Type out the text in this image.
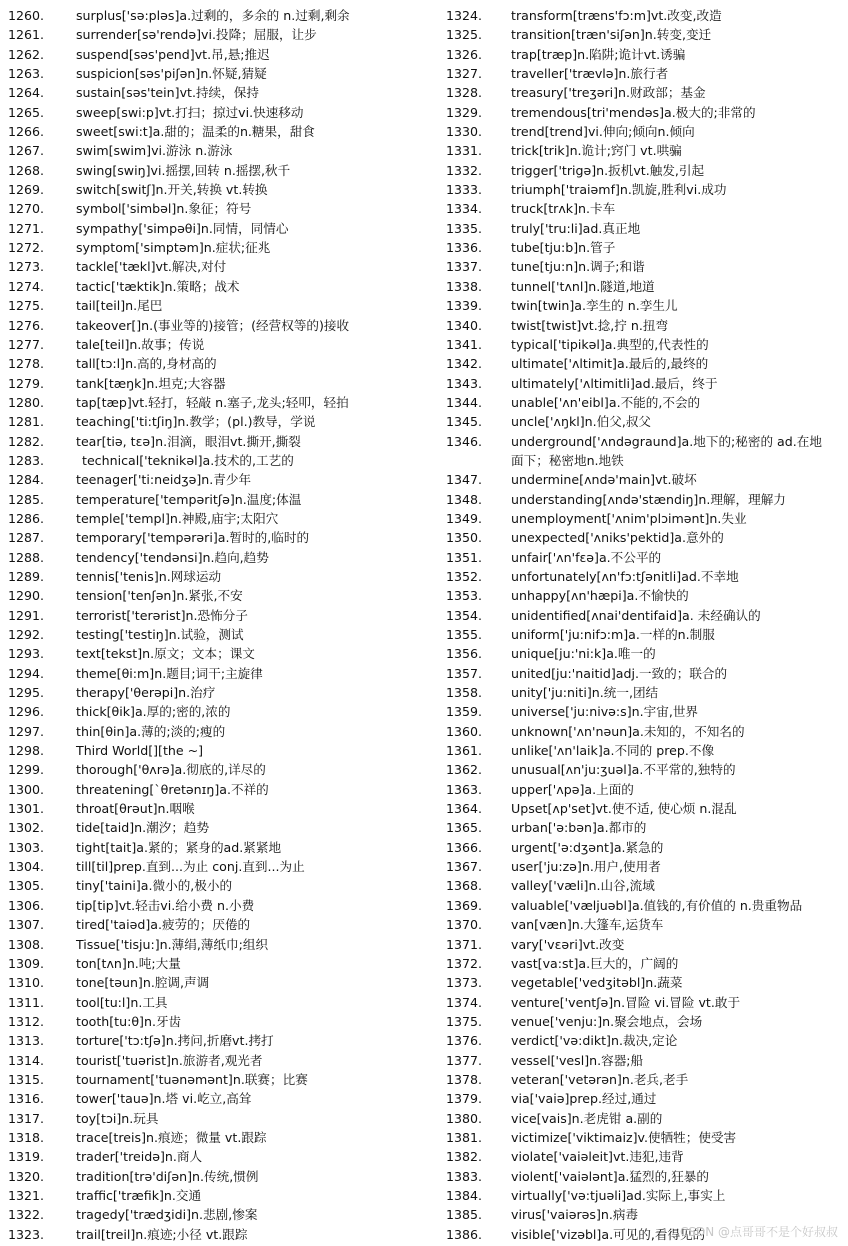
1260.	surplus['sə:pləs]a.过剩的，多余的 n.过剩,剩余
1261.	surrender[sə'rendə]vi.投降；屈服，让步
1262.	suspend[səs'pend]vt.吊,悬;推迟
1263.	suspicion[səs'piʃən]n.怀疑,猜疑
1264.	sustain[səs'tein]vt.持续，保持
1265.	sweep[swi:p]vt.打扫；掠过vi.快速移动
1266.	sweet[swi:t]a.甜的；温柔的n.糖果，甜食
1267.	swim[swim]vi.游泳 n.游泳
1268.	swing[swiŋ]vi.摇摆,回转 n.摇摆,秋千
1269.	switch[switʃ]n.开关,转换 vt.转换
1270.	symbol['simbəl]n.象征；符号
1271.	sympathy['simpəθi]n.同情，同情心
1272.	symptom['simptəm]n.症状;征兆
1273.	tackle['tækl]vt.解决,对付
1274.	tactic['tæktik]n.策略；战术
1275.	tail[teil]n.尾巴
1276.	takeover[]n.(事业等的)接管；(经营权等的)接收
1277.	tale[teil]n.故事；传说
1278.	tall[tɔ:l]n.高的,身材高的
1279.	tank[tæŋk]n.坦克;大容器
1280.	tap[tæp]vt.轻打，轻敲 n.塞子,龙头;轻叩，轻拍
1281.	teaching['ti:tʃiŋ]n.教学；(pl.)教导，学说
1282.	tear[tiə, tεə]n.泪滴，眼泪vt.撕开,撕裂
1283.	technical['teknikəl]a.技术的,工艺的
1284.	teenager['ti:neidʒə]n.青少年
1285.	temperature['tempəritʃə]n.温度;体温
1286.	temple['templ]n.神殿,庙宇;太阳穴
1287.	temporary['tempərəri]a.暂时的,临时的
1288.	tendency['tendənsi]n.趋向,趋势
1289.	tennis['tenis]n.网球运动
1290.	tension['tenʃən]n.紧张,不安
1291.	terrorist['terərist]n.恐怖分子
1292.	testing['testiŋ]n.试验，测试
1293.	text[tekst]n.原文；文本；课文
1294.	theme[θi:m]n.题目;词干;主旋律
1295.	therapy['θerəpi]n.治疗
1296.	thick[θik]a.厚的;密的,浓的
1297.	thin[θin]a.薄的;淡的;瘦的
1298.	Third World[][the ~]
1299.	thorough['θʌrə]a.彻底的,详尽的
1300.	threatening[`θretənɪŋ]a.不祥的
1301.	throat[θrəut]n.咽喉
1302.	tide[taid]n.潮汐；趋势
1303.	tight[tait]a.紧的；紧身的ad.紧紧地
1304.	till[til]prep.直到...为止 conj.直到...为止
1305.	tiny['taini]a.微小的,极小的
1306.	tip[tip]vt.轻击vi.给小费 n.小费
1307.	tired['taiəd]a.疲劳的；厌倦的
1308.	Tissue['tisju:]n.薄绢,薄纸巾;组织
1309.	ton[tʌn]n.吨;大量
1310.	tone[təun]n.腔调,声调
1311.	tool[tu:l]n.工具
1312.	tooth[tu:θ]n.牙齿
1313.	torture['tɔ:tʃə]n.拷问,折磨vt.拷打
1314.	tourist['tuərist]n.旅游者,观光者
1315.	tournament['tuənəmənt]n.联赛；比赛
1316.	tower['tauə]n.塔 vi.屹立,高耸
1317.	toy[tɔi]n.玩具
1318.	trace[treis]n.痕迹；微量 vt.跟踪
1319.	trader['treidə]n.商人
1320.	tradition[trə'diʃən]n.传统,惯例
1321.	traffic['træfik]n.交通
1322.	tragedy['trædʒidi]n.悲剧,惨案
1323.	trail[treil]n.痕迹;小径 vt.跟踪
1324.	transform[træns'fɔ:m]vt.改变,改造
1325.	transition[træn'siʃən]n.转变,变迁
1326.	trap[træp]n.陷阱;诡计vt.诱骗
1327.	traveller['trævlə]n.旅行者
1328.	treasury['treʒəri]n.财政部；基金
1329.	tremendous[tri'mendəs]a.极大的;非常的
1330.	trend[trend]vi.伸向;倾向n.倾向
1331.	trick[trik]n.诡计;窍门 vt.哄骗
1332.	trigger['trigə]n.扳机vt.触发,引起
1333.	triumph['traiəmf]n.凯旋,胜利vi.成功
1334.	truck[trʌk]n.卡车
1335.	truly['tru:li]ad.真正地
1336.	tube[tju:b]n.管子
1337.	tune[tju:n]n.调子;和谐
1338.	tunnel['tʌnl]n.隧道,地道
1339.	twin[twin]a.孪生的 n.孪生儿
1340.	twist[twist]vt.捻,拧 n.扭弯
1341.	typical['tipikəl]a.典型的,代表性的
1342.	ultimate['ʌltimit]a.最后的,最终的
1343.	ultimately['ʌltimitli]ad.最后，终于
1344.	unable['ʌn'eibl]a.不能的,不会的
1345.	uncle['ʌŋkl]n.伯父,叔父
1346.	underground['ʌndəgraund]a.地下的;秘密的 ad.在地面下；秘密地n.地铁
1347.	undermine[ʌndə'main]vt.破坏
1348.	understanding[ʌndə'stændiŋ]n.理解，理解力
1349.	unemployment['ʌnim'plɔimənt]n.失业
1350.	unexpected['ʌniks'pektid]a.意外的
1351.	unfair['ʌn'fεə]a.不公平的
1352.	unfortunately[ʌn'fɔ:tʃənitli]ad.不幸地
1353.	unhappy[ʌn'hæpi]a.不愉快的
1354.	unidentified[ʌnai'dentifaid]a. 未经确认的
1355.	uniform['ju:nifɔ:m]a.一样的n.制服
1356.	unique[ju:'ni:k]a.唯一的
1357.	united[ju:'naitid]adj.一致的；联合的
1358.	unity['ju:niti]n.统一,团结
1359.	universe['ju:nivə:s]n.宇宙,世界
1360.	unknown['ʌn'nəun]a.未知的，不知名的
1361.	unlike['ʌn'laik]a.不同的 prep.不像
1362.	unusual[ʌn'ju:ʒuəl]a.不平常的,独特的
1363.	upper['ʌpə]a.上面的
1364.	Upset[ʌp'set]vt.使不适, 使心烦 n.混乱
1365.	urban['ə:bən]a.都市的
1366.	urgent['ə:dʒənt]a.紧急的
1367.	user['ju:zə]n.用户,使用者
1368.	valley['væli]n.山谷,流域
1369.	valuable['væljuəbl]a.值钱的,有价值的 n.贵重物品
1370.	van[væn]n.大篷车,运货车
1371.	vary['vεəri]vt.改变
1372.	vast[va:st]a.巨大的，广阔的
1373.	vegetable['vedʒitəbl]n.蔬菜
1374.	venture['ventʃə]n.冒险 vi.冒险 vt.敢于
1375.	venue['venju:]n.聚会地点，会场
1376.	verdict['və:dikt]n.裁决,定论
1377.	vessel['vesl]n.容器;船
1378.	veteran['vetərən]n.老兵,老手
1379.	via['vaiə]prep.经过,通过
1380.	vice[vais]n.老虎钳 a.副的
1381.	victimize['viktimaiz]v.使牺牲；使受害
1382.	violate['vaiəleit]vt.违犯,违背
1383.	violent['vaiələnt]a.猛烈的,狂暴的
1384.	virtually['və:tjuəli]ad.实际上,事实上
1385.	virus['vaiərəs]n.病毒
1386.	visible['vizəbl]a.可见的,看得见的
CSDN @点哥哥不是个好叔叔
